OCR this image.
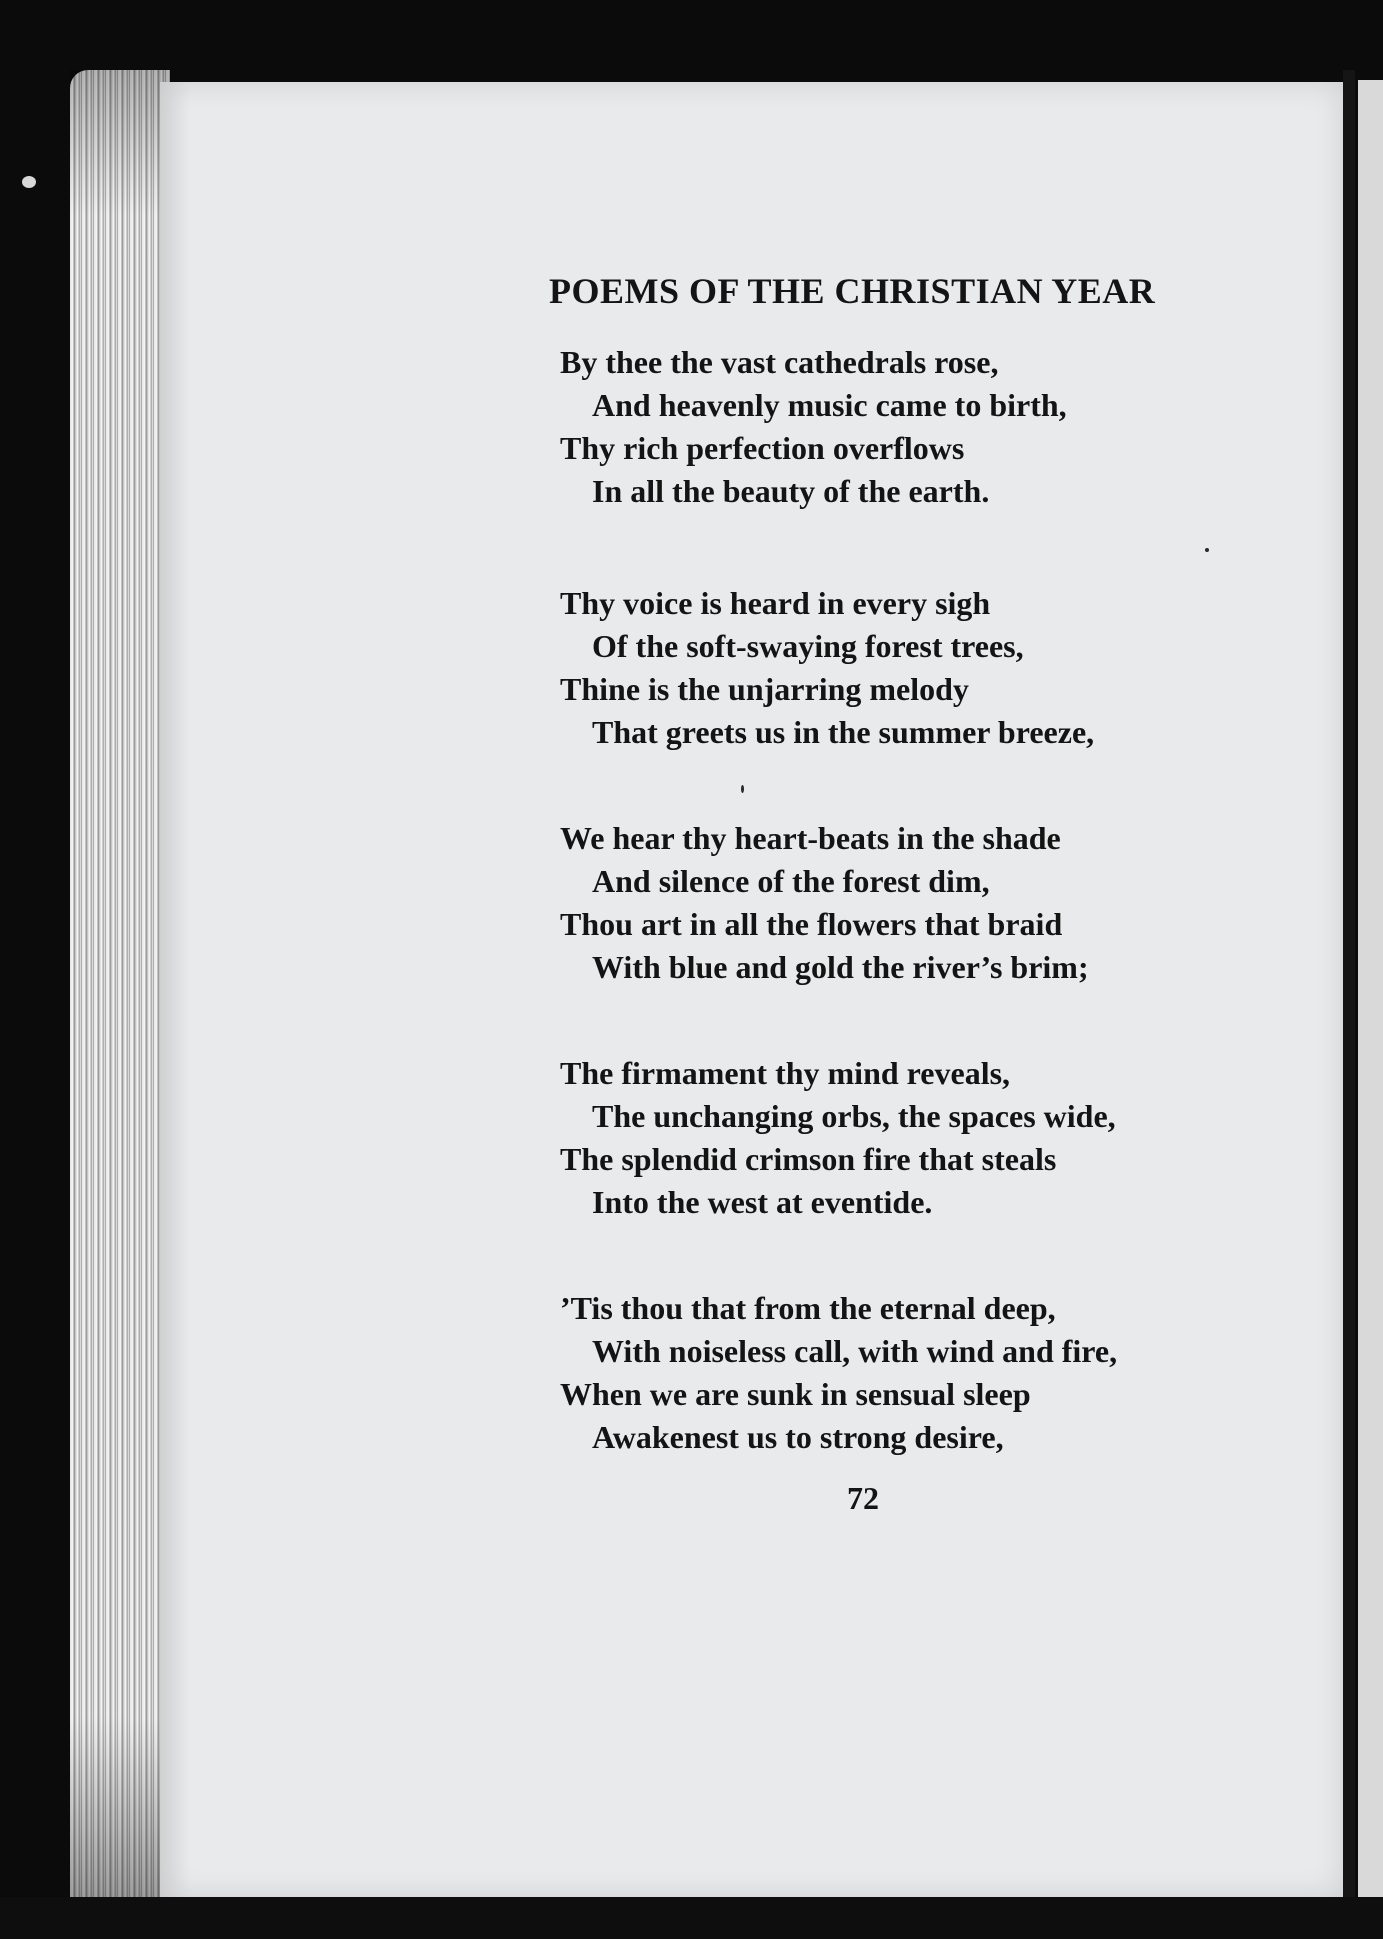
POEMS OF THE CHRISTIAN YEAR
By thee the vast cathedrals rose,
And heavenly music came to birth,
Thy rich perfection overflows
In all the beauty of the earth.
Thy voice is heard in every sigh
Of the soft-swaying forest trees,
Thine is the unjarring melody
That greets us in the summer breeze,
We hear thy heart-beats in the shade
And silence of the forest dim,
Thou art in all the flowers that braid
With blue and gold the river’s brim;
The firmament thy mind reveals,
The unchanging orbs, the spaces wide,
The splendid crimson fire that steals
Into the west at eventide.
’Tis thou that from the eternal deep,
With noiseless call, with wind and fire,
When we are sunk in sensual sleep
Awakenest us to strong desire,
72
